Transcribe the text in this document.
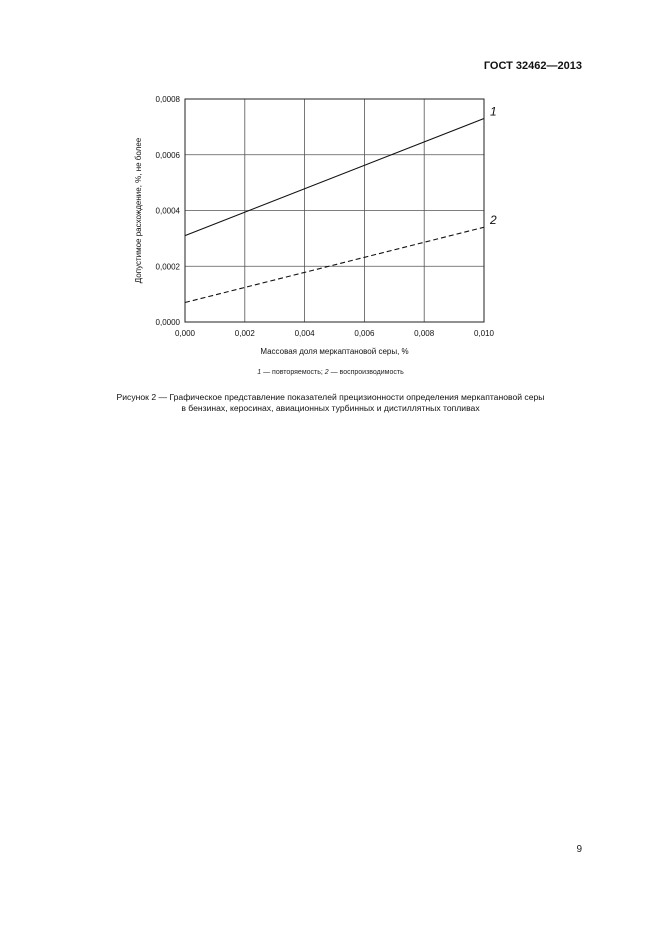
ГОСТ 32462—2013
0,000	0,002	0,004	0,006	0,008	0,010
0,0000
0,0002
0,0004
0,0006
0,0008
Массовая доля меркаптановой серы, %
Допустимое расхождение, %, не более
1
2
1 — повторяемость; 2 — воспроизводимость
Рисунок 2 — Графическое представление показателей прецизионности определения меркаптановой серы
в бензинах, керосинах, авиационных турбинных и дистиллятных топливах
9
